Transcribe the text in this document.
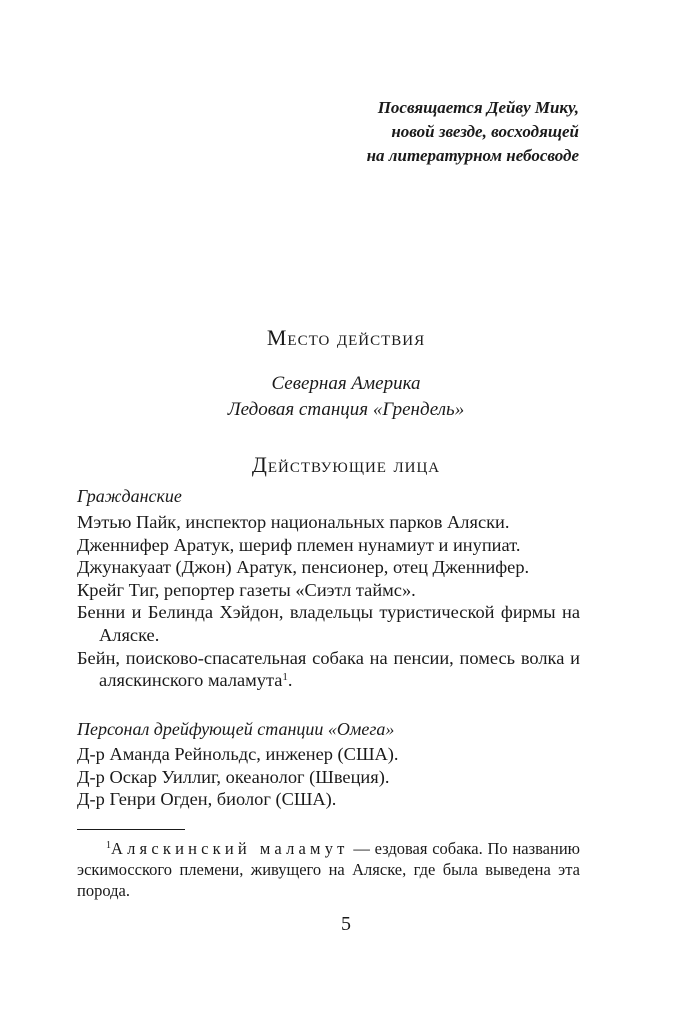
Посвящается Дейву Мику,
новой звезде, восходящей
на литературном небосводе
Место действия
Северная Америка
Ледовая станция «Грендель»
Действующие лица
Гражданские
Мэтью Пайк, инспектор национальных парков Аляски.
Дженнифер Аратук, шериф племен нунамиут и инупиат.
Джунакуаат (Джон) Аратук, пенсионер, отец Дженнифер.
Крейг Тиг, репортер газеты «Сиэтл таймс».
Бенни и Белинда Хэйдон, владельцы туристической фирмы на Аляске.
Бейн, поисково-спасательная собака на пенсии, помесь волка и аляскинского маламута$^1$.
Персонал дрейфующей станции «Омега»
Д-р Аманда Рейнольдс, инженер (США).
Д-р Оскар Уиллиг, океанолог (Швеция).
Д-р Генри Огден, биолог (США).
$^1$Аляскинский маламут — ездовая собака. По названию эскимосского племени, живущего на Аляске, где была выведена эта порода.
5
